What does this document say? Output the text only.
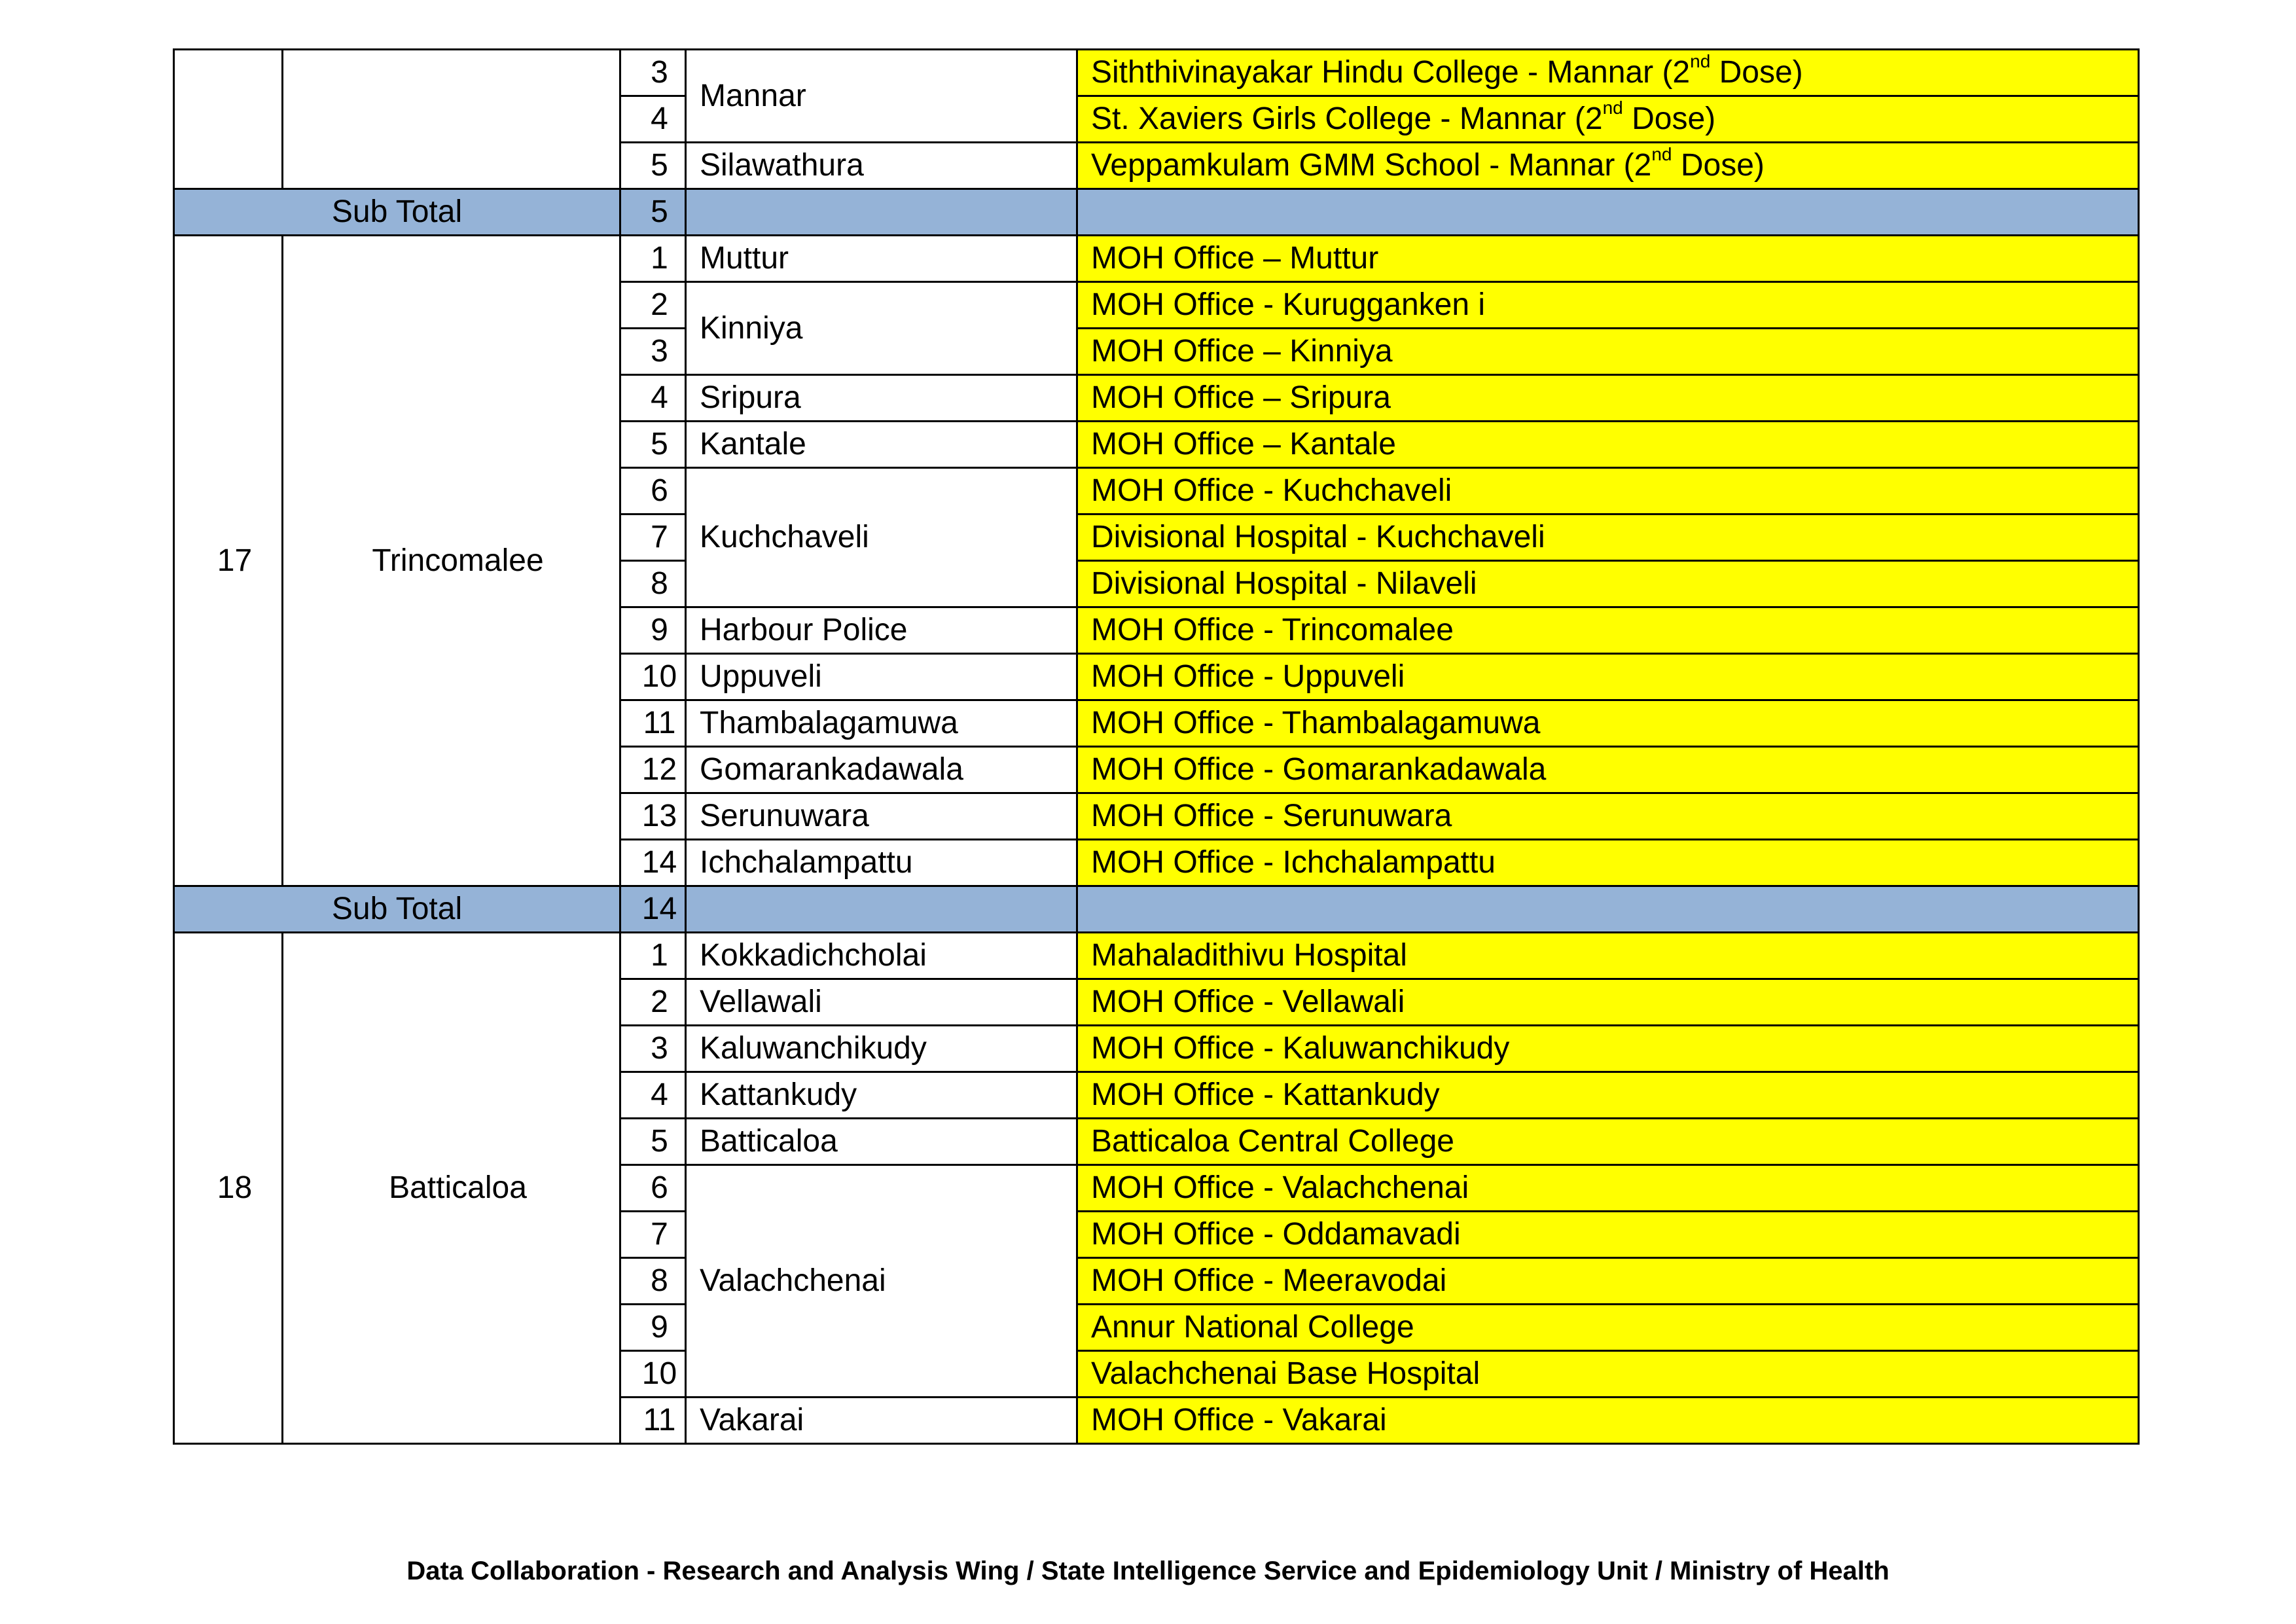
		3	Mannar	Siththivinayakar Hindu College - Mannar (2nd Dose)
		4		St. Xaviers Girls College - Mannar (2nd Dose)
		5	Silawathura	Veppamkulam GMM School - Mannar (2nd Dose)
Sub Total		5		
17	Trincomalee	1	Muttur	MOH Office – Muttur
		2	Kinniya	MOH Office - Kurugganken i
		3		MOH Office – Kinniya
		4	Sripura	MOH Office – Sripura
		5	Kantale	MOH Office – Kantale
		6	Kuchchaveli	MOH Office - Kuchchaveli
		7		Divisional Hospital - Kuchchaveli
		8		Divisional Hospital - Nilaveli
		9	Harbour Police	MOH Office - Trincomalee
		10	Uppuveli	MOH Office - Uppuveli
		11	Thambalagamuwa	MOH Office - Thambalagamuwa
		12	Gomarankadawala	MOH Office - Gomarankadawala
		13	Serunuwara	MOH Office - Serunuwara
		14	Ichchalampattu	MOH Office - Ichchalampattu
Sub Total		14		
18	Batticaloa	1	Kokkadichcholai	Mahaladithivu Hospital
		2	Vellawali	MOH Office - Vellawali
		3	Kaluwanchikudy	MOH Office - Kaluwanchikudy
		4	Kattankudy	MOH Office - Kattankudy
		5	Batticaloa	Batticaloa Central College
		6	Valachchenai	MOH Office - Valachchenai
		7		MOH Office - Oddamavadi
		8		MOH Office - Meeravodai
		9		Annur National College
		10		Valachchenai Base Hospital
		11	Vakarai	MOH Office - Vakarai
Data Collaboration - Research and Analysis Wing / State Intelligence Service and Epidemiology Unit / Ministry of Health
